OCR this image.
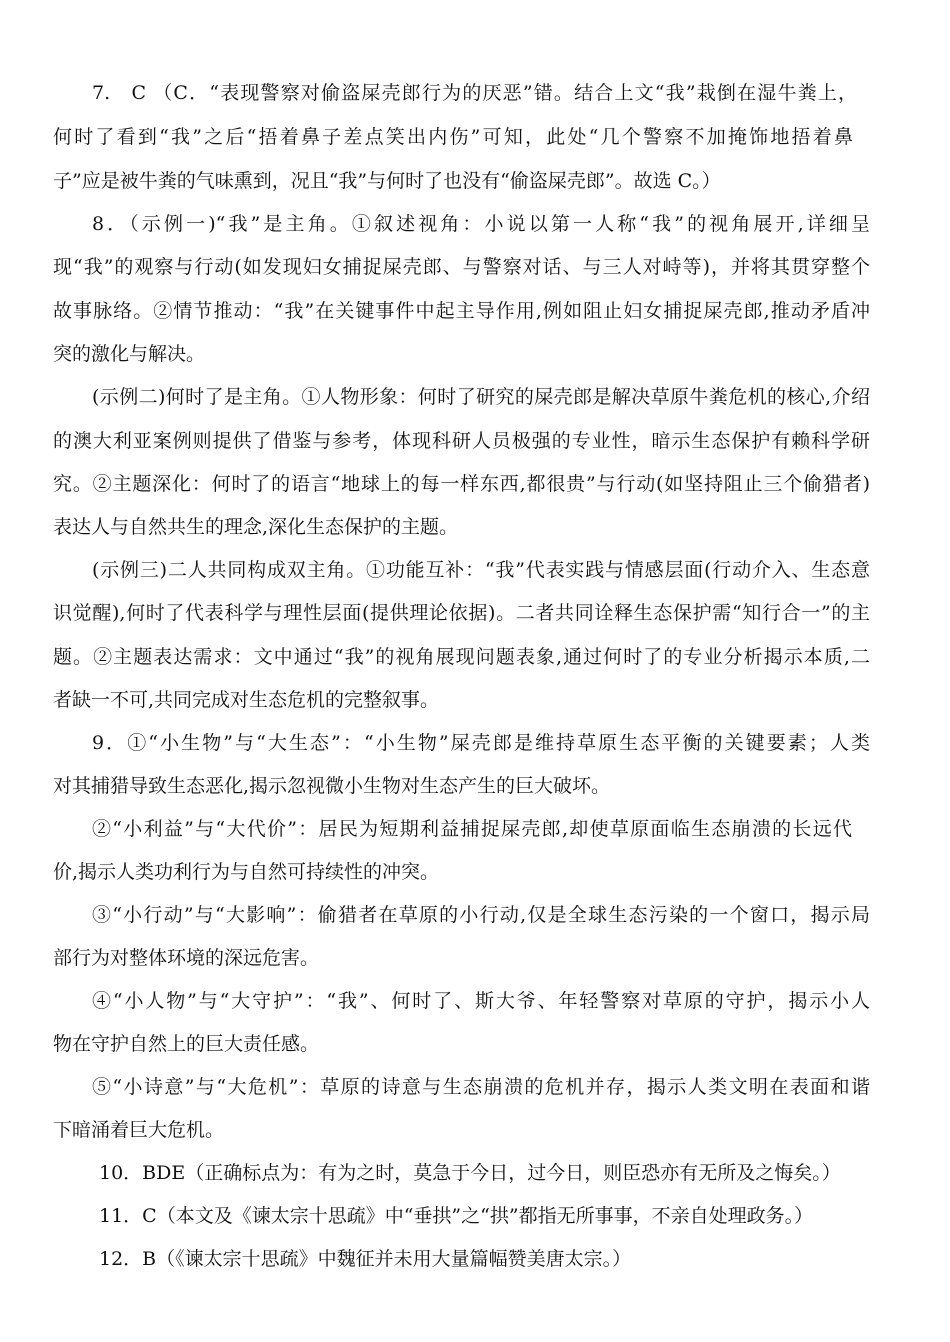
7.　C （C．“表现警察对偷盗屎壳郎行为的厌恶”错。结合上文“我”栽倒在湿牛粪上，
何时了看到“我”之后“捂着鼻子差点笑出内伤”可知，此处“几个警察不加掩饰地捂着鼻
子”应是被牛粪的气味熏到，况且“我”与何时了也没有“偷盗屎壳郎”。故选 C。）
8．（示例一)“我”是主角。①叙述视角：小说以第一人称“我”的视角展开,详细呈
现“我”的观察与行动(如发现妇女捕捉屎壳郎、与警察对话、与三人对峙等)，并将其贯穿整个
故事脉络。②情节推动：“我”在关键事件中起主导作用,例如阻止妇女捕捉屎壳郎,推动矛盾冲
突的激化与解决。
(示例二)何时了是主角。①人物形象：何时了研究的屎壳郎是解决草原牛粪危机的核心,介绍
的澳大利亚案例则提供了借鉴与参考，体现科研人员极强的专业性，暗示生态保护有赖科学研
究。②主题深化：何时了的语言“地球上的每一样东西,都很贵”与行动(如坚持阻止三个偷猎者)
表达人与自然共生的理念,深化生态保护的主题。
(示例三)二人共同构成双主角。①功能互补：“我”代表实践与情感层面(行动介入、生态意
识觉醒),何时了代表科学与理性层面(提供理论依据)。二者共同诠释生态保护需“知行合一”的主
题。②主题表达需求：文中通过“我”的视角展现问题表象,通过何时了的专业分析揭示本质,二
者缺一不可,共同完成对生态危机的完整叙事。
9．①“小生物”与“大生态”：“小生物”屎壳郎是维持草原生态平衡的关键要素；人类
对其捕猎导致生态恶化,揭示忽视微小生物对生态产生的巨大破坏。
②“小利益”与“大代价”：居民为短期利益捕捉屎壳郎,却使草原面临生态崩溃的长远代
价,揭示人类功利行为与自然可持续性的冲突。
③“小行动”与“大影响”：偷猎者在草原的小行动,仅是全球生态污染的一个窗口，揭示局
部行为对整体环境的深远危害。
④“小人物”与“大守护”：“我”、何时了、斯大爷、年轻警察对草原的守护，揭示小人
物在守护自然上的巨大责任感。
⑤“小诗意”与“大危机”：草原的诗意与生态崩溃的危机并存，揭示人类文明在表面和谐
下暗涌着巨大危机。
10．BDE（正确标点为：有为之时，莫急于今日，过今日，则臣恐亦有无所及之悔矣。）
11．C（本文及《谏太宗十思疏》中“垂拱”之“拱”都指无所事事，不亲自处理政务。）
12．B（《谏太宗十思疏》中魏征并未用大量篇幅赞美唐太宗。）
